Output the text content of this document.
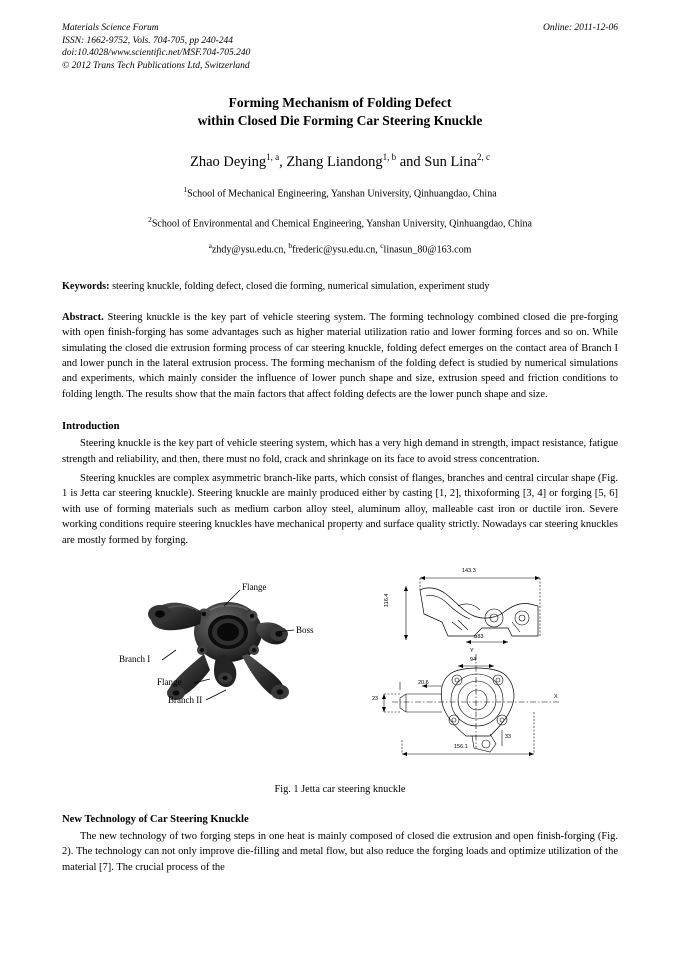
Materials Science Forum
ISSN: 1662-9752, Vols. 704-705, pp 240-244
doi:10.4028/www.scientific.net/MSF.704-705.240
© 2012 Trans Tech Publications Ltd, Switzerland
Online: 2011-12-06
Forming Mechanism of Folding Defect
within Closed Die Forming Car Steering Knuckle
Zhao Deying$^{1, a}$, Zhang Liandong$^{1, b}$ and Sun Lina$^{2, c}$
$^1$School of Mechanical Engineering, Yanshan University, Qinhuangdao, China
$^2$School of Environmental and Chemical Engineering, Yanshan University, Qinhuangdao, China
$^a$zhdy@ysu.edu.cn, $^b$frederic@ysu.edu.cn, $^c$linasun_80@163.com
Keywords: steering knuckle, folding defect, closed die forming, numerical simulation, experiment study
Abstract. Steering knuckle is the key part of vehicle steering system. The forming technology combined closed die pre-forging with open finish-forging has some advantages such as higher material utilization ratio and lower forming forces and so on. While simulating the closed die extrusion forming process of car steering knuckle, folding defect emerges on the contact area of Branch I and lower punch in the lateral extrusion process. The forming mechanism of the folding defect is studied by numerical simulations and experiments, which mainly consider the influence of lower punch shape and size, extrusion speed and friction conditions to folding length. The results show that the main factors that affect folding defects are the lower punch shape and size.
Introduction
Steering knuckle is the key part of vehicle steering system, which has a very high demand in strength, impact resistance, fatigue strength and reliability, and then, there must no fold, crack and shrinkage on its face to avoid stress concentration.
Steering knuckles are complex asymmetric branch-like parts, which consist of flanges, branches and central circular shape (Fig. 1 is Jetta car steering knuckle). Steering knuckle are mainly produced either by casting [1, 2], thixoforming [3, 4] or forging [5, 6] with use of forming materials such as medium carbon alloy steel, aluminum alloy, malleable cast iron or ductile iron. Severe working conditions require steering knuckles have mechanical property and surface quality strictly. Nowadays car steering knuckles are mostly formed by forging.
Flange
Boss
Branch I
Flange
Branch II
143.3
116.4
ø83
94
20.6
23	X
Y
156.1
33
Fig. 1 Jetta car steering knuckle
New Technology of Car Steering Knuckle
The new technology of two forging steps in one heat is mainly composed of closed die extrusion and open finish-forging (Fig. 2). The technology can not only improve die-filling and metal flow, but also reduce the forging loads and optimize utilization of the material [7]. The crucial process of the
